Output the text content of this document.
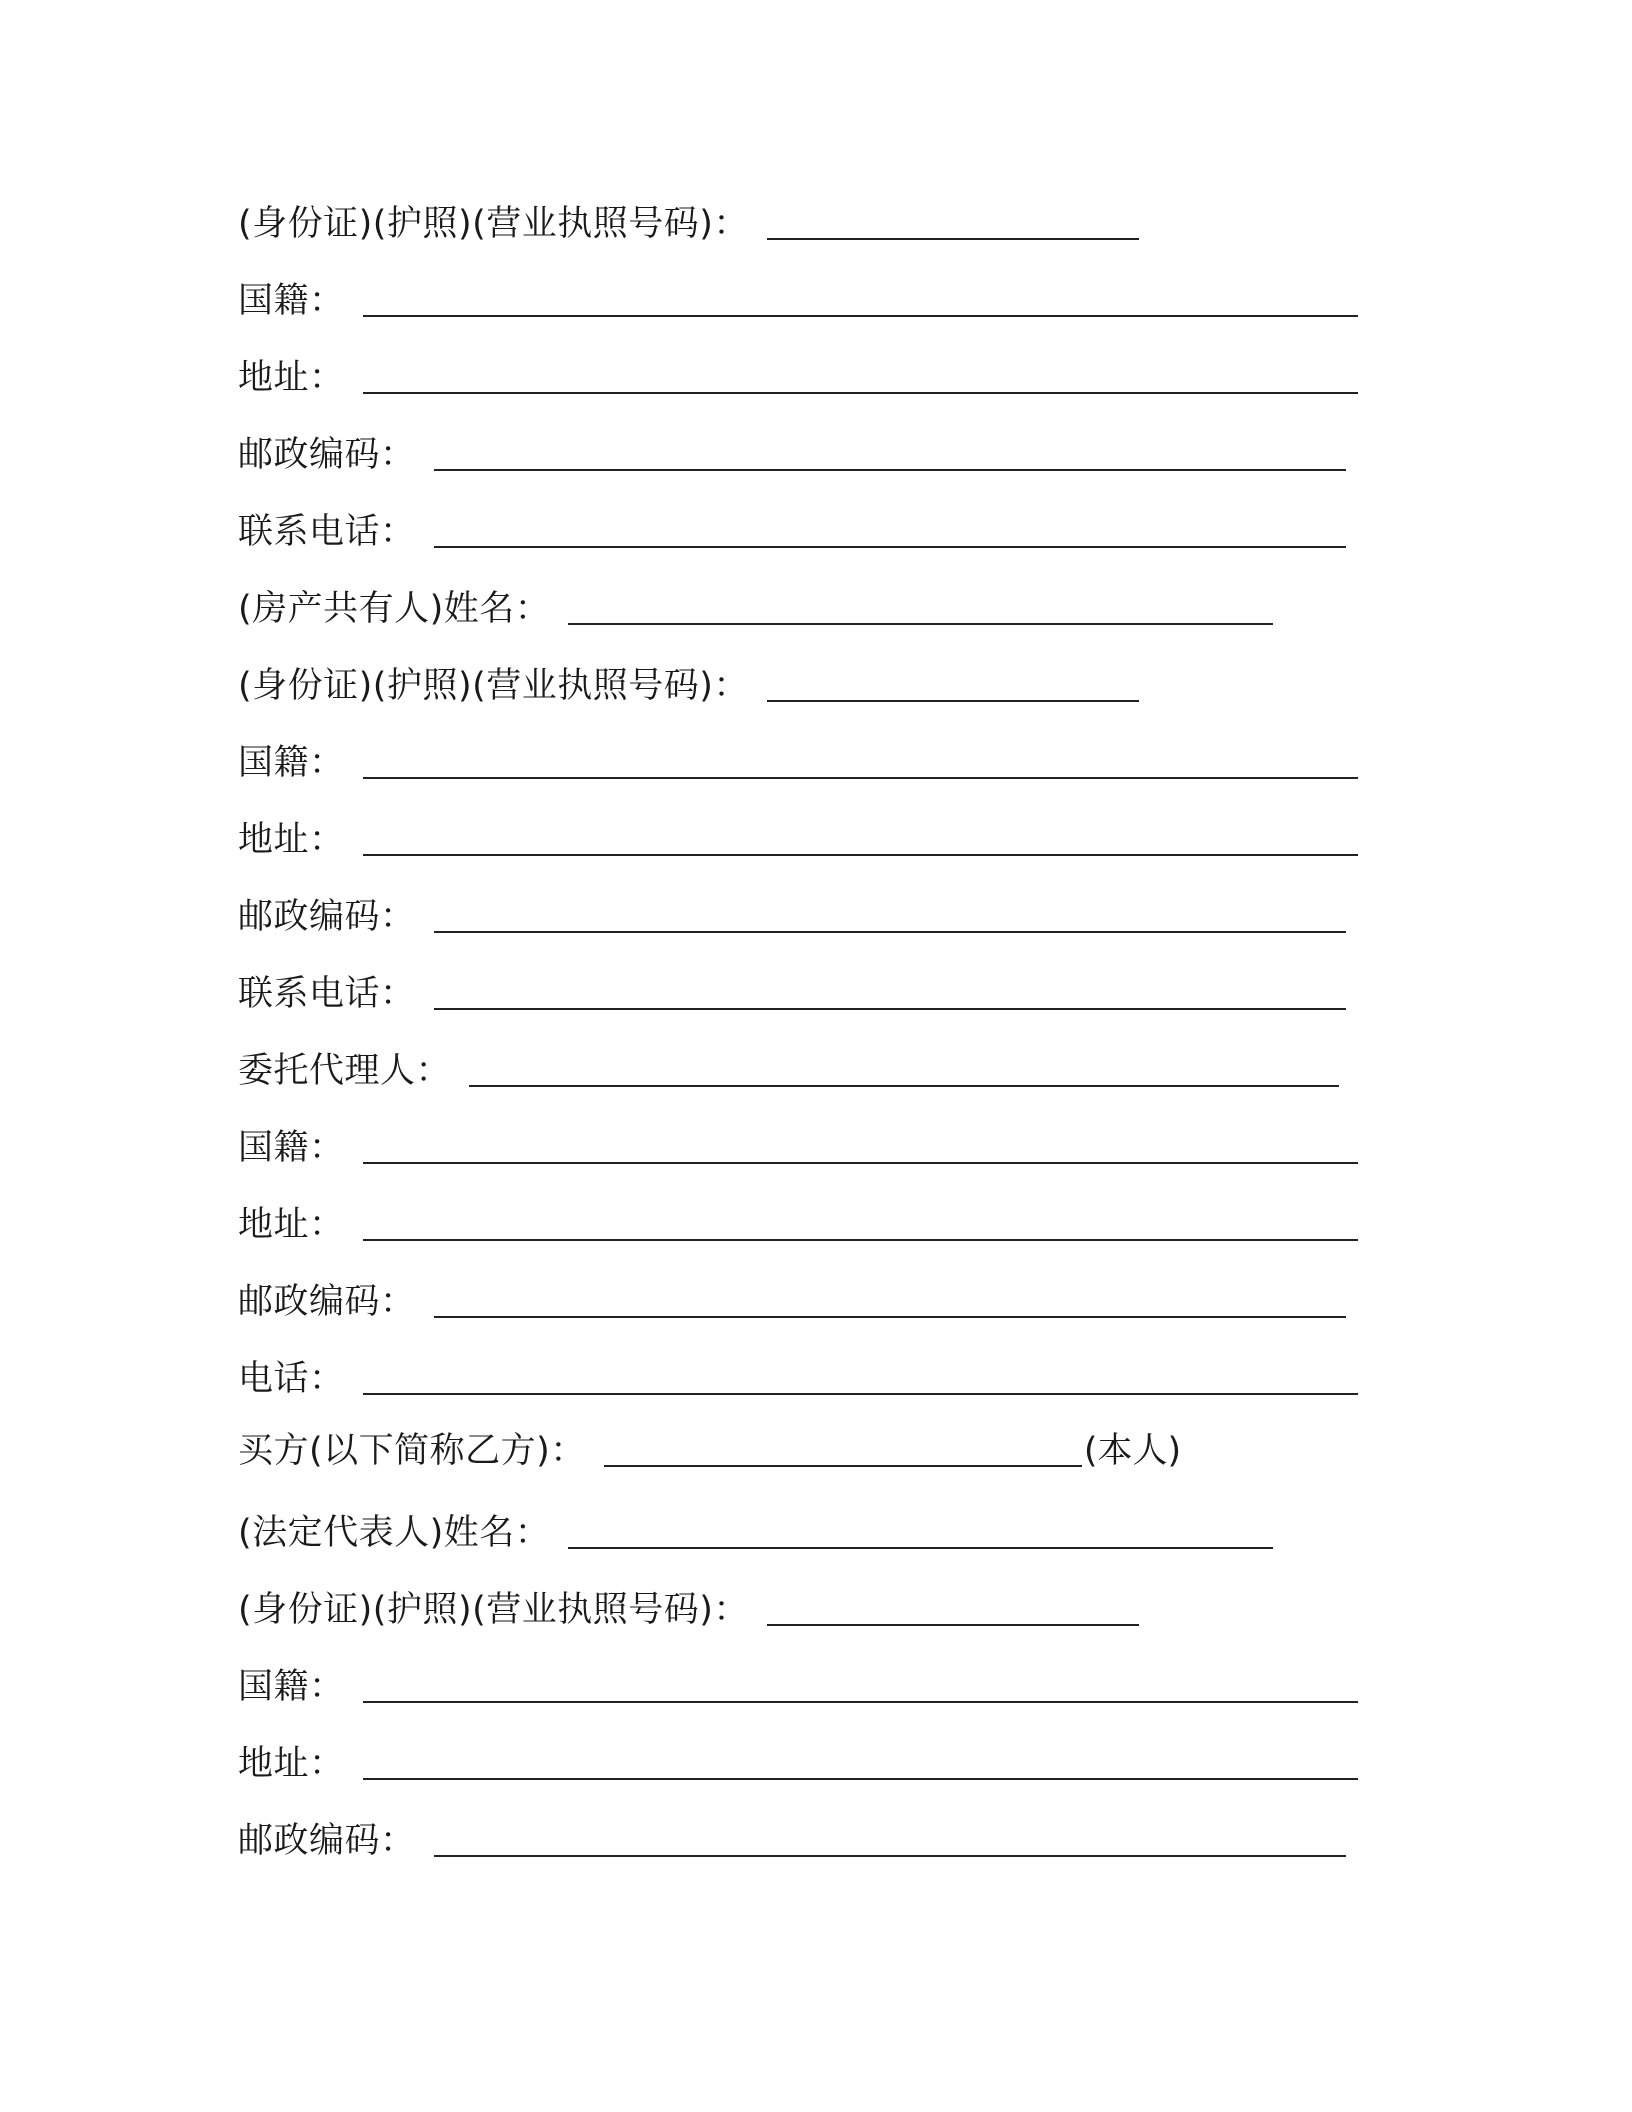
(身份证)(护照)(营业执照号码)：
国籍：
地址：
邮政编码：
联系电话：
(房产共有人)姓名：
(身份证)(护照)(营业执照号码)：
国籍：
地址：
邮政编码：
联系电话：
委托代理人：
国籍：
地址：
邮政编码：
电话：
买方(以下简称乙方)：	(本人)
(法定代表人)姓名：
(身份证)(护照)(营业执照号码)：
国籍：
地址：
邮政编码：
